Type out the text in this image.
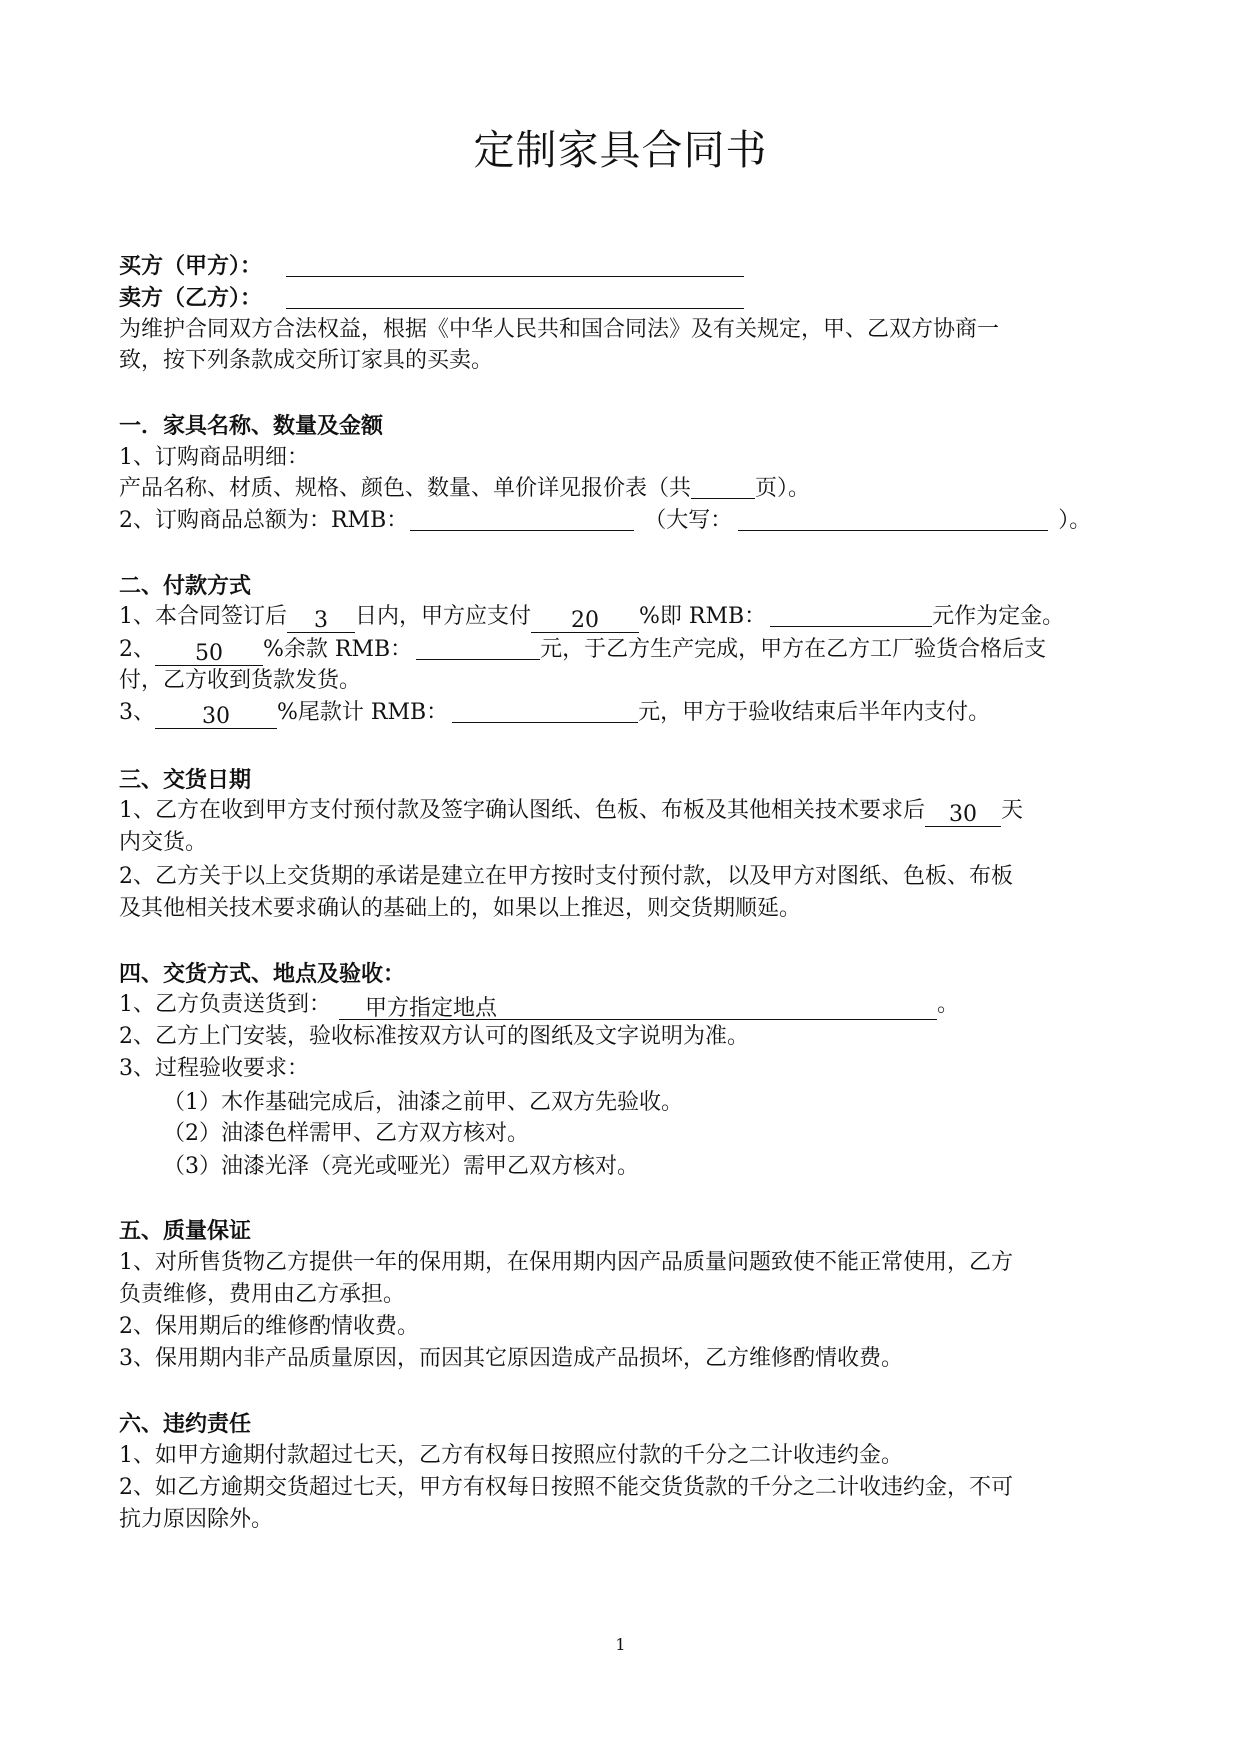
定制家具合同书
买方（甲方）：
卖方（乙方）：
为维护合同双方合法权益，根据《中华人民共和国合同法》及有关规定，甲、乙双方协商一
致，按下列条款成交所订家具的买卖。
一．家具名称、数量及金额
1、订购商品明细：
产品名称、材质、规格、颜色、数量、单价详见报价表（共	页）。
2、订购商品总额为：RMB：	（大写：	）。
二、付款方式
1、本合同签订后 3 日内，甲方应支付 20 %即 RMB：	元作为定金。
2、 50 %余款 RMB：	元，于乙方生产完成，甲方在乙方工厂验货合格后支
付，乙方收到货款发货。
3、 30 %尾款计 RMB：	元，甲方于验收结束后半年内支付。
三、交货日期
1、乙方在收到甲方支付预付款及签字确认图纸、色板、布板及其他相关技术要求后 30 天
内交货。
2、乙方关于以上交货期的承诺是建立在甲方按时支付预付款，以及甲方对图纸、色板、布板
及其他相关技术要求确认的基础上的，如果以上推迟，则交货期顺延。
四、交货方式、地点及验收：
1、乙方负责送货到： 甲方指定地点	。
2、乙方上门安装，验收标准按双方认可的图纸及文字说明为准。
3、过程验收要求：
（1）木作基础完成后，油漆之前甲、乙双方先验收。
（2）油漆色样需甲、乙方双方核对。
（3）油漆光泽（亮光或哑光）需甲乙双方核对。
五、质量保证
1、对所售货物乙方提供一年的保用期，在保用期内因产品质量问题致使不能正常使用，乙方
负责维修，费用由乙方承担。
2、保用期后的维修酌情收费。
3、保用期内非产品质量原因，而因其它原因造成产品损坏，乙方维修酌情收费。
六、违约责任
1、如甲方逾期付款超过七天，乙方有权每日按照应付款的千分之二计收违约金。
2、如乙方逾期交货超过七天，甲方有权每日按照不能交货货款的千分之二计收违约金，不可
抗力原因除外。
1
